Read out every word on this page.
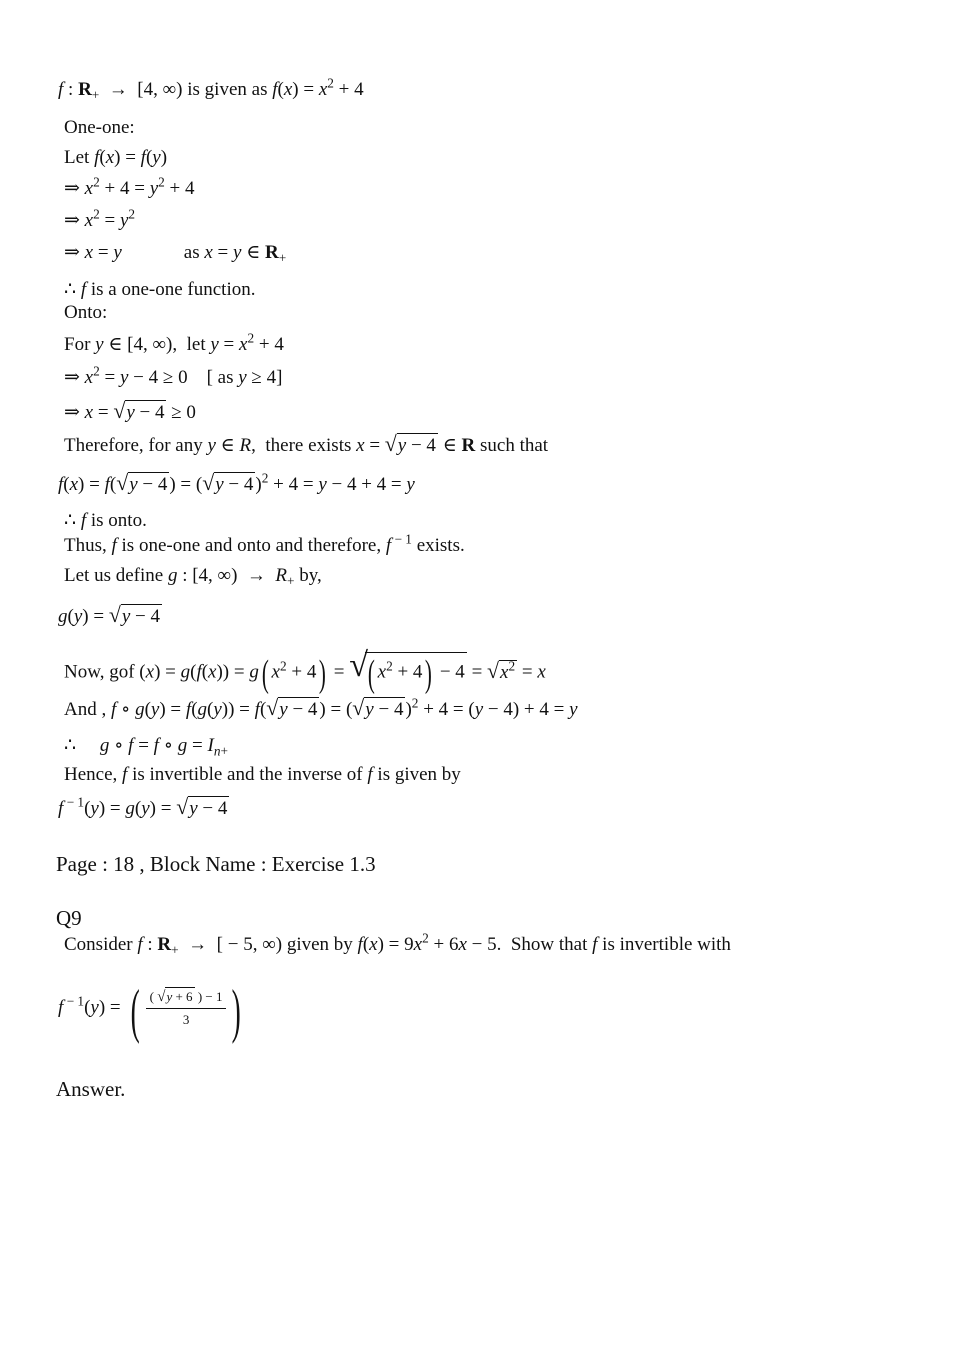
f : $R_+ \to [4$, ∞) is given as $f(x) = x^2 + 4$
One-one:
Let f(x) = f(y)
⇒ $x^2 + 4 = y^2 + 4$
⇒ $x^2 = y^2$
⇒ x = y	as x = y ∈ $R_+$
∴ f is a one-one function.
Onto:
For y ∈ [4, ∞),  let $y = x^2 + 4$
⇒ $x^2 = y - 4 \ge 0$    [ as y ≥ 4]
⇒ x = √y − 4 ≥ 0
Therefore, for any y ∈ R,  there exists x = √y − 4 ∈ R such that
f(x) = f(√y − 4 ) = (√y − 4 )$^2$ + 4 = y − 4 + 4 = y
∴ f is onto.
Thus, f is one-one and onto and therefore, f $^{- 1}$ exists.
Let us define g : [4, ∞)  →  $R_+$ by,
g(y) = √y − 4
Now, gof (x) = g(f(x)) = g( $x^2 + 4$) = √( $x^2 + 4) - 4 = √x^2 = x$
And , f ∘ g(y) = f(g(y)) = f(√y − 4 ) = (√y − 4 )$^2$ + 4 = (y − 4) + 4 = y
∴     g ∘ f = f ∘ $g = I_{n+}$
Hence, f is invertible and the inverse of f is given by
f $^{- 1}$(y) = g(y) = √y − 4
Page : 18 , Block Name : Exercise 1.3
Q9
Consider f : $R_+$  →  [ − 5, ∞) given by $f(x) = 9x^2 + 6x - 5$.  Show that f is invertible with
f $^{- 1}$(y) = ( $\frac{( √y + 6 ) - 1}{3}$ )
Answer.
